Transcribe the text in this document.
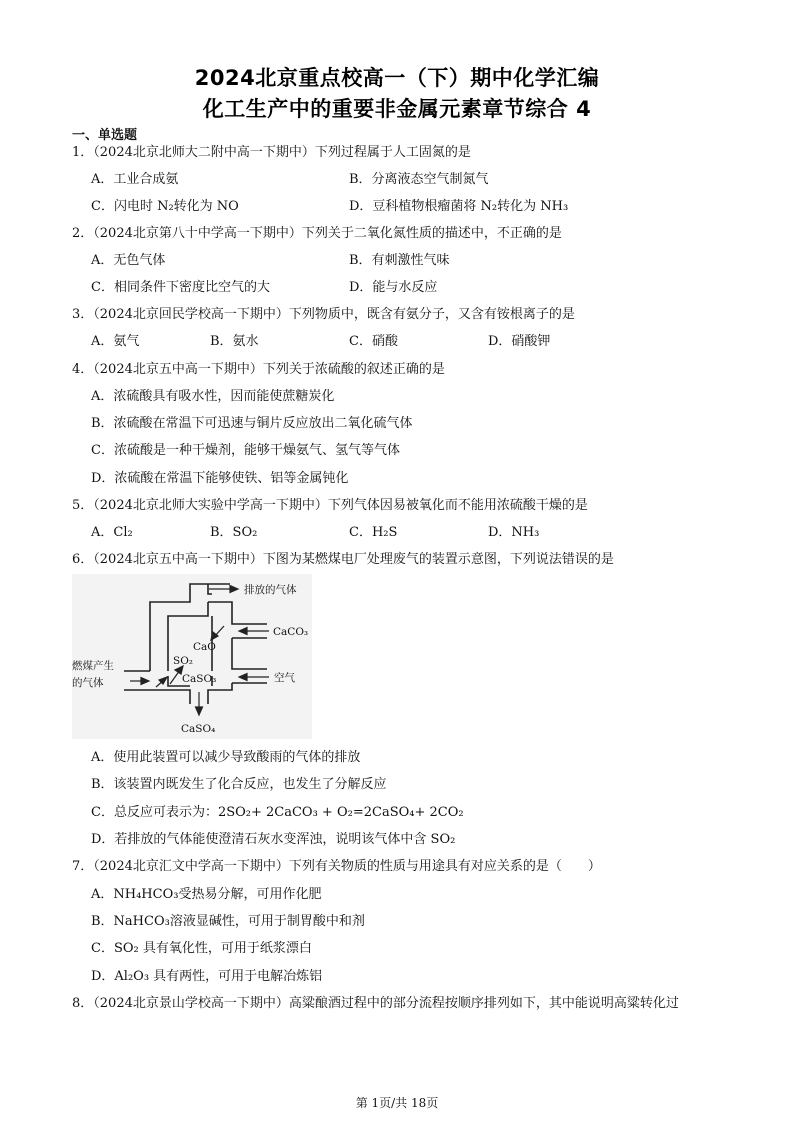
2024北京重点校高一（下）期中化学汇编
化工生产中的重要非金属元素章节综合 4
一、单选题
1．（2024北京北师大二附中高一下期中）下列过程属于人工固氮的是
A．工业合成氨	B．分离液态空气制氮气
C．闪电时 N₂转化为 NO	D．豆科植物根瘤菌将 N₂转化为 NH₃
2．（2024北京第八十中学高一下期中）下列关于二氧化氮性质的描述中，不正确的是
A．无色气体	B．有刺激性气味
C．相同条件下密度比空气的大	D．能与水反应
3．（2024北京回民学校高一下期中）下列物质中，既含有氨分子，又含有铵根离子的是
A．氨气	B．氨水	C．硝酸	D．硝酸钾
4．（2024北京五中高一下期中）下列关于浓硫酸的叙述正确的是
A．浓硫酸具有吸水性，因而能使蔗糖炭化
B．浓硫酸在常温下可迅速与铜片反应放出二氧化硫气体
C．浓硫酸是一种干燥剂，能够干燥氨气、氢气等气体
D．浓硫酸在常温下能够使铁、铝等金属钝化
5．（2024北京北师大实验中学高一下期中）下列气体因易被氧化而不能用浓硫酸干燥的是
A．Cl₂	B．SO₂	C．H₂S	D．NH₃
6．（2024北京五中高一下期中）下图为某燃煤电厂处理废气的装置示意图，下列说法错误的是
排放的气体
CaCO₃
CaO
SO₂
燃煤产生
的气体	CaSO₃	空气
CaSO₄
A．使用此装置可以减少导致酸雨的气体的排放
B．该装置内既发生了化合反应，也发生了分解反应
C．总反应可表示为：2SO₂+ 2CaCO₃ + O₂=2CaSO₄+ 2CO₂
D．若排放的气体能使澄清石灰水变浑浊，说明该气体中含 SO₂
7．（2024北京汇文中学高一下期中）下列有关物质的性质与用途具有对应关系的是（　　）
A．NH₄HCO₃受热易分解，可用作化肥
B．NaHCO₃溶液显碱性，可用于制胃酸中和剂
C．SO₂ 具有氧化性，可用于纸浆漂白
D．Al₂O₃ 具有两性，可用于电解冶炼铝
8．（2024北京景山学校高一下期中）高粱酿酒过程中的部分流程按顺序排列如下，其中能说明高粱转化过
第 1页/共 18页
